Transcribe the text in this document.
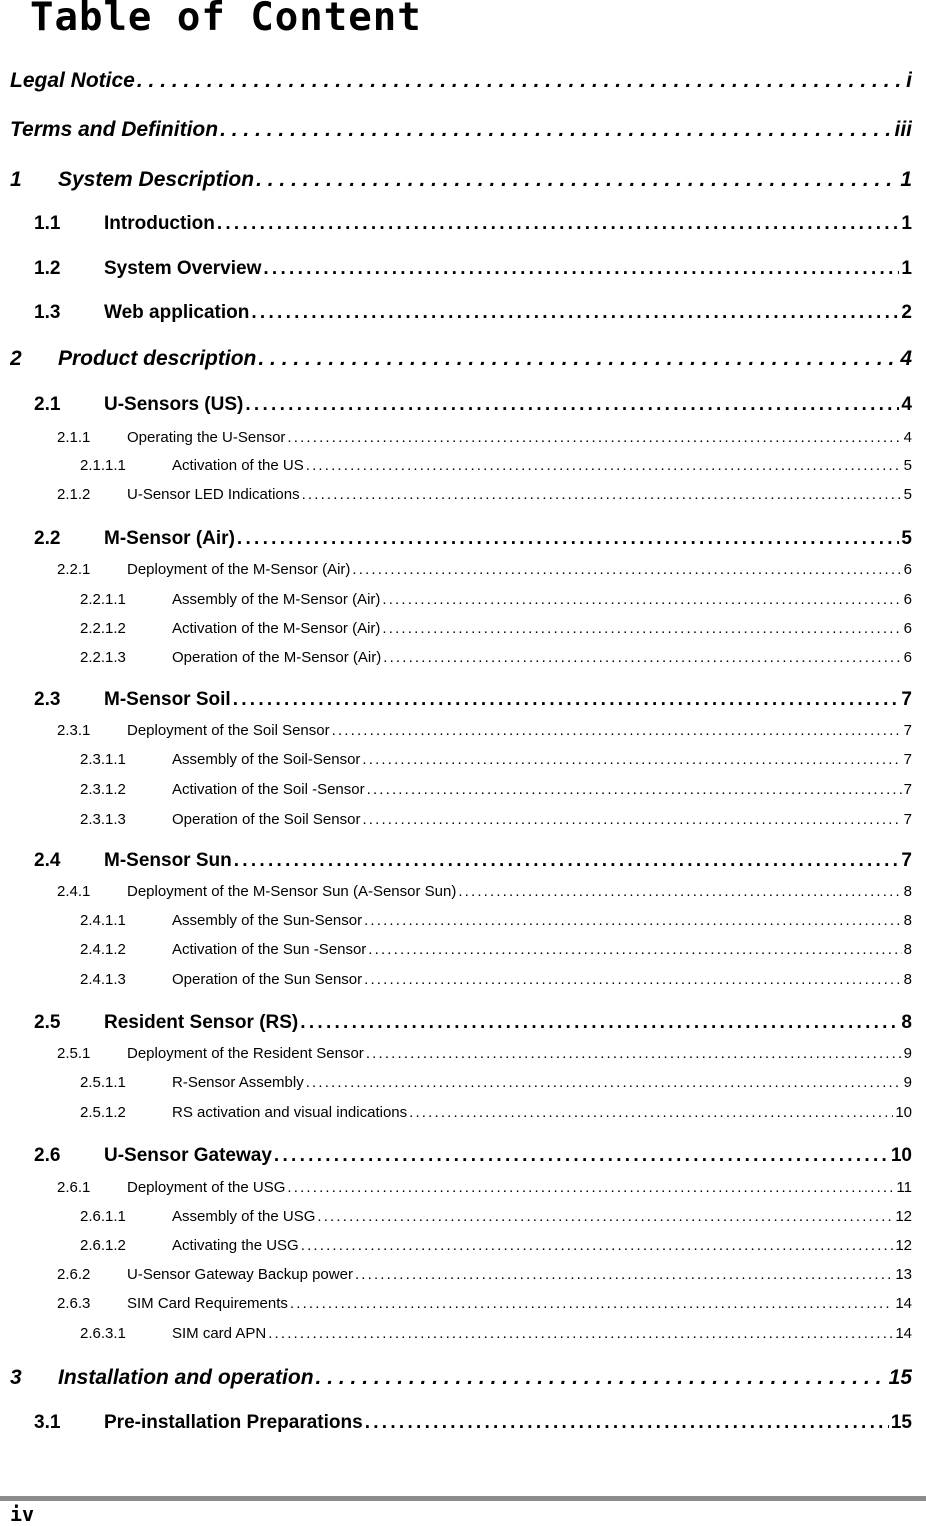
Table of Content
Legal Notice . . .	i
Terms and Definition . . .	iii
1	System Description . . .	1
1.1	Introduction . . .	1
1.2	System Overview . . .	1
1.3	Web application . . .	2
2	Product description . . .	4
2.1	U-Sensors (US) . . .	4
2.1.1	Operating the U-Sensor . . .	4
2.1.1.1	Activation of the US . . .	5
2.1.2	U-Sensor LED Indications . . .	5
2.2	M-Sensor (Air) . . .	5
2.2.1	Deployment of the M-Sensor (Air) . . .	6
2.2.1.1	Assembly of the M-Sensor (Air) . . .	6
2.2.1.2	Activation of the M-Sensor (Air) . . .	6
2.2.1.3	Operation of the M-Sensor (Air) . . .	6
2.3	M-Sensor Soil . . .	7
2.3.1	Deployment of the Soil Sensor . . .	7
2.3.1.1	Assembly of the Soil-Sensor . . .	7
2.3.1.2	Activation of the Soil -Sensor . . .	7
2.3.1.3	Operation of the Soil Sensor . . .	7
2.4	M-Sensor Sun . . .	7
2.4.1	Deployment of the M-Sensor Sun (A-Sensor Sun) . . .	8
2.4.1.1	Assembly of the Sun-Sensor . . .	8
2.4.1.2	Activation of the Sun -Sensor . . .	8
2.4.1.3	Operation of the Sun Sensor . . .	8
2.5	Resident Sensor (RS) . . .	8
2.5.1	Deployment of the Resident Sensor . . .	9
2.5.1.1	R-Sensor Assembly . . .	9
2.5.1.2	RS activation and visual indications . . .	10
2.6	U-Sensor Gateway . . .	10
2.6.1	Deployment of the USG . . .	11
2.6.1.1	Assembly of the USG . . .	12
2.6.1.2	Activating the USG . . .	12
2.6.2	U-Sensor Gateway Backup power . . .	13
2.6.3	SIM Card Requirements . . .	14
2.6.3.1	SIM card APN . . .	14
3	Installation and operation . . .	15
3.1	Pre-installation Preparations . . .	15
iv
